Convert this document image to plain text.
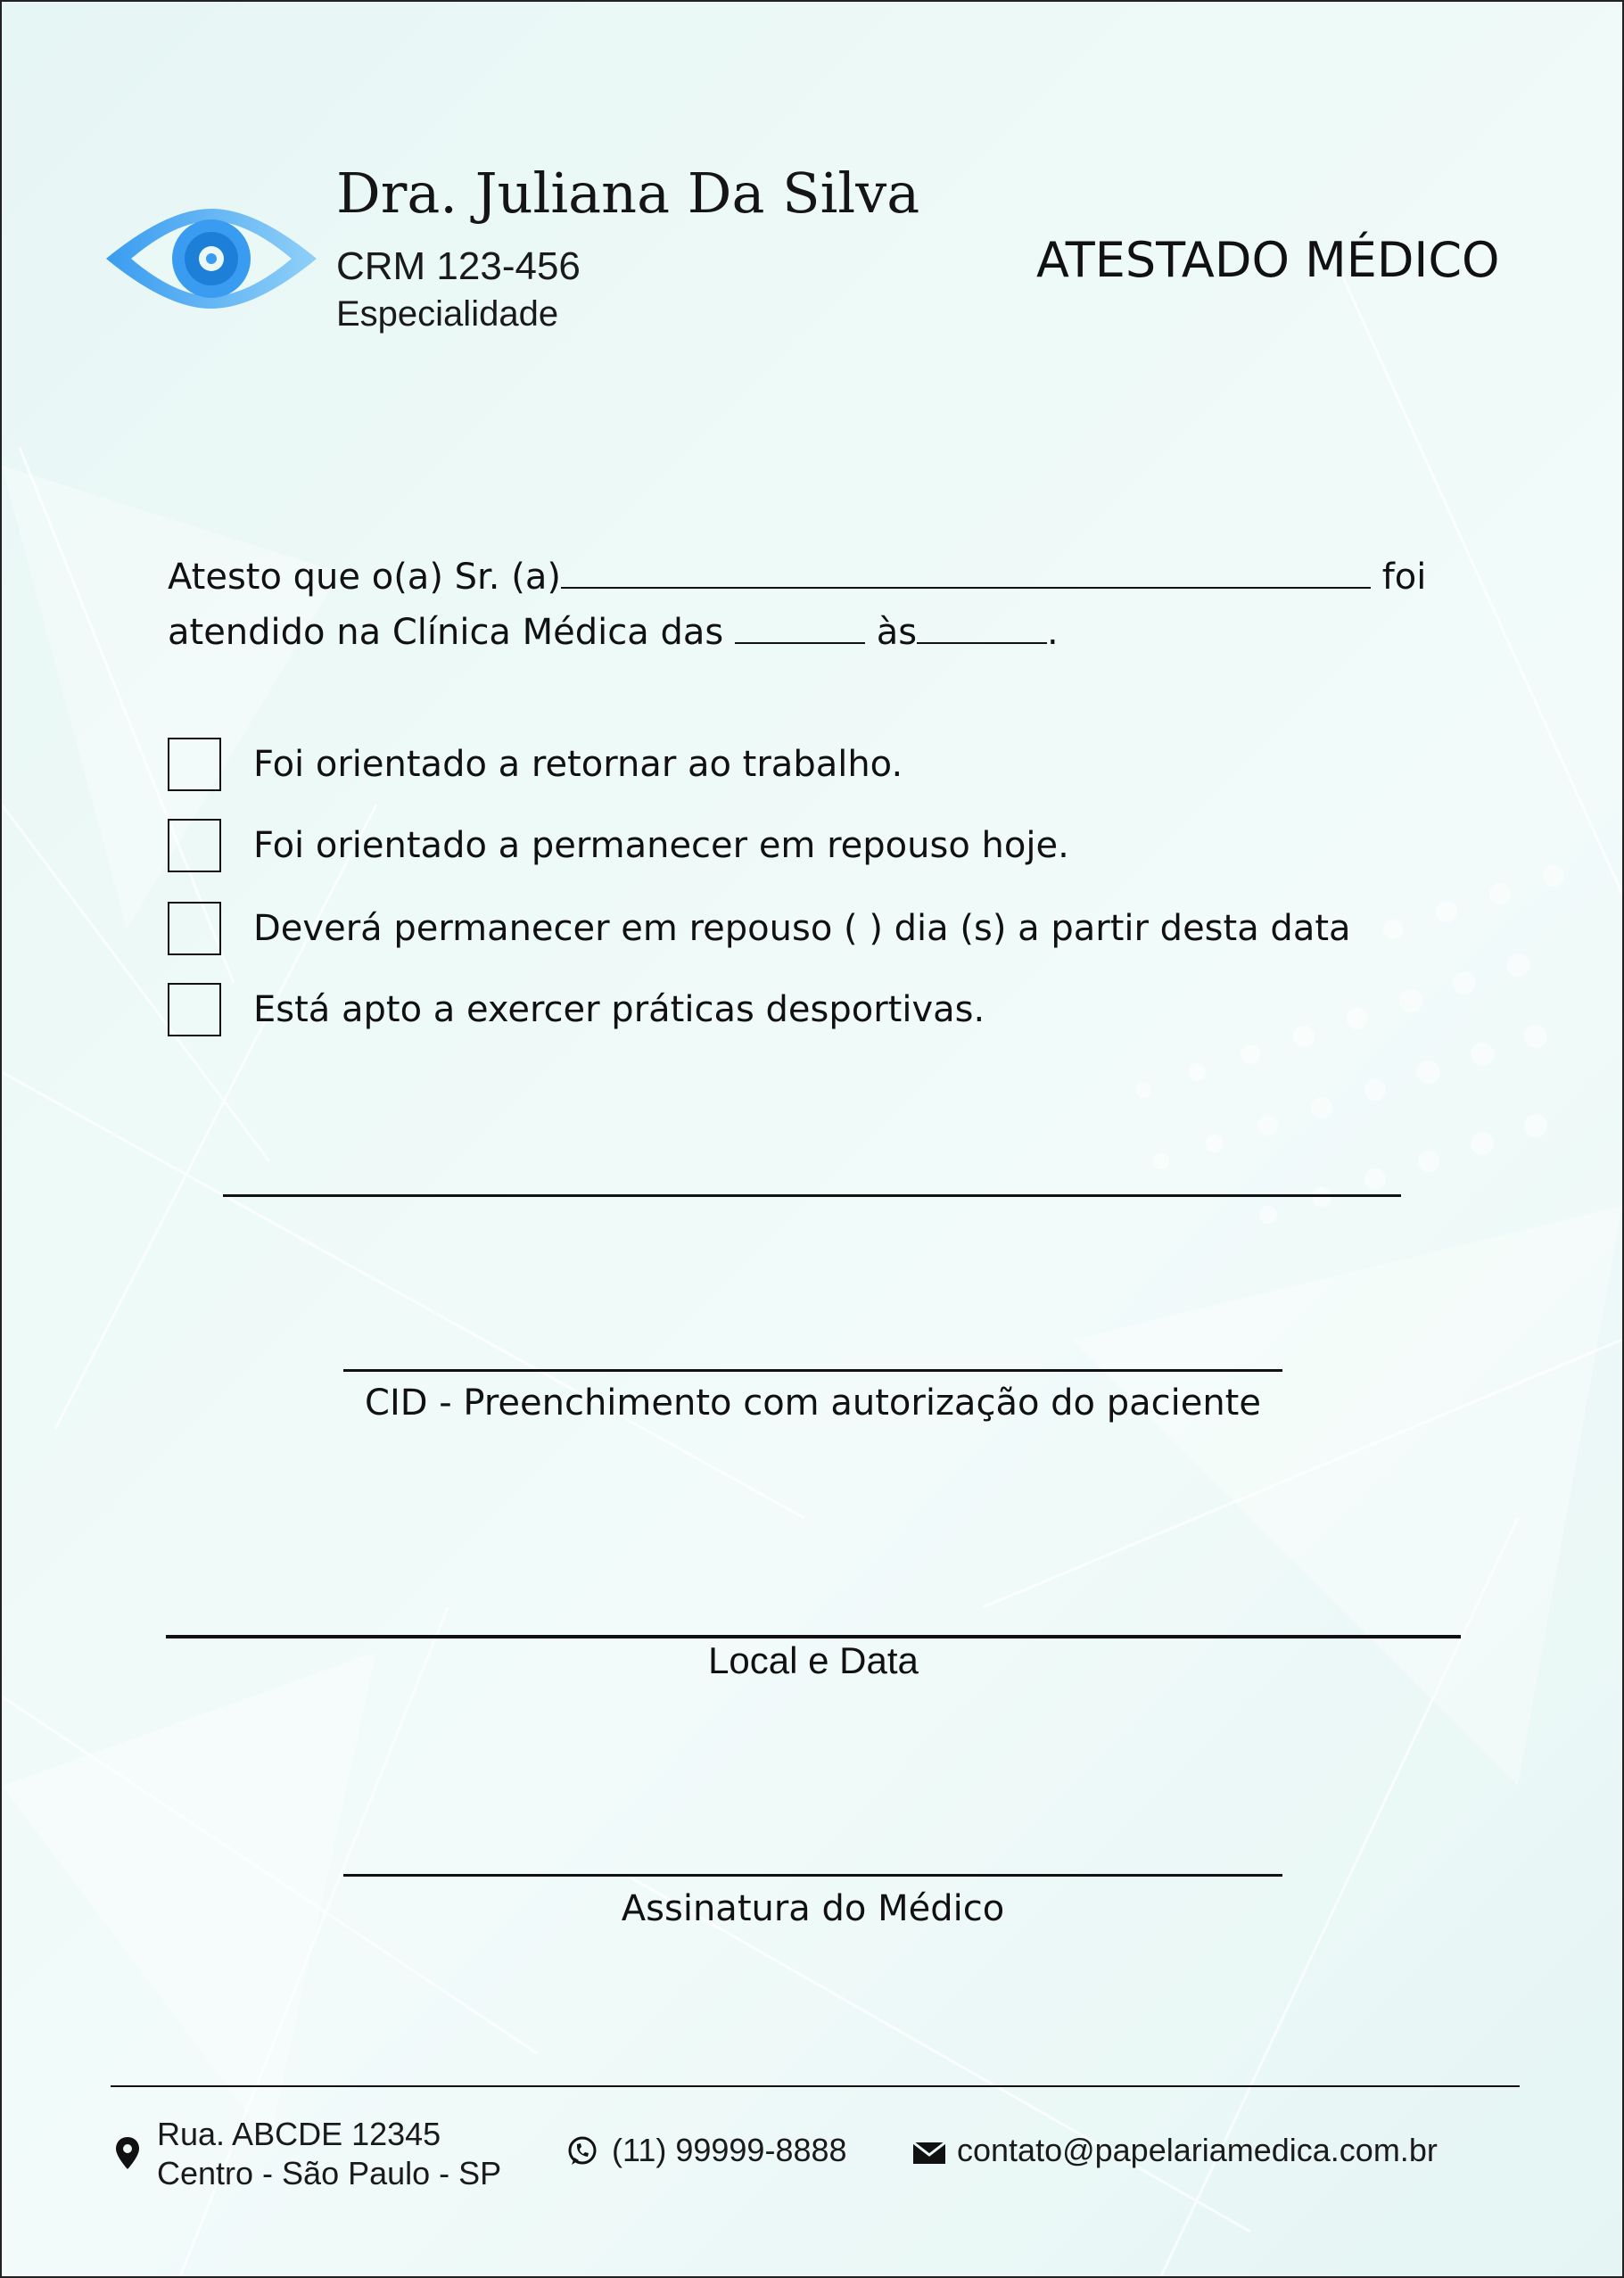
Dra. Juliana Da Silva
CRM 123-456
Especialidade
ATESTADO MÉDICO
Atesto que o(a) Sr. (a)	foi
atendido na Clínica Médica das	às	.
Foi orientado a retornar ao trabalho.
Foi orientado a permanecer em repouso hoje.
Deverá permanecer em repouso ( ) dia (s) a partir desta data
Está apto a exercer práticas desportivas.
CID - Preenchimento com autorização do paciente
Local e Data
Assinatura do Médico
Rua. ABCDE 12345
Centro - São Paulo - SP
(11) 99999-8888	contato@papelariamedica.com.br
